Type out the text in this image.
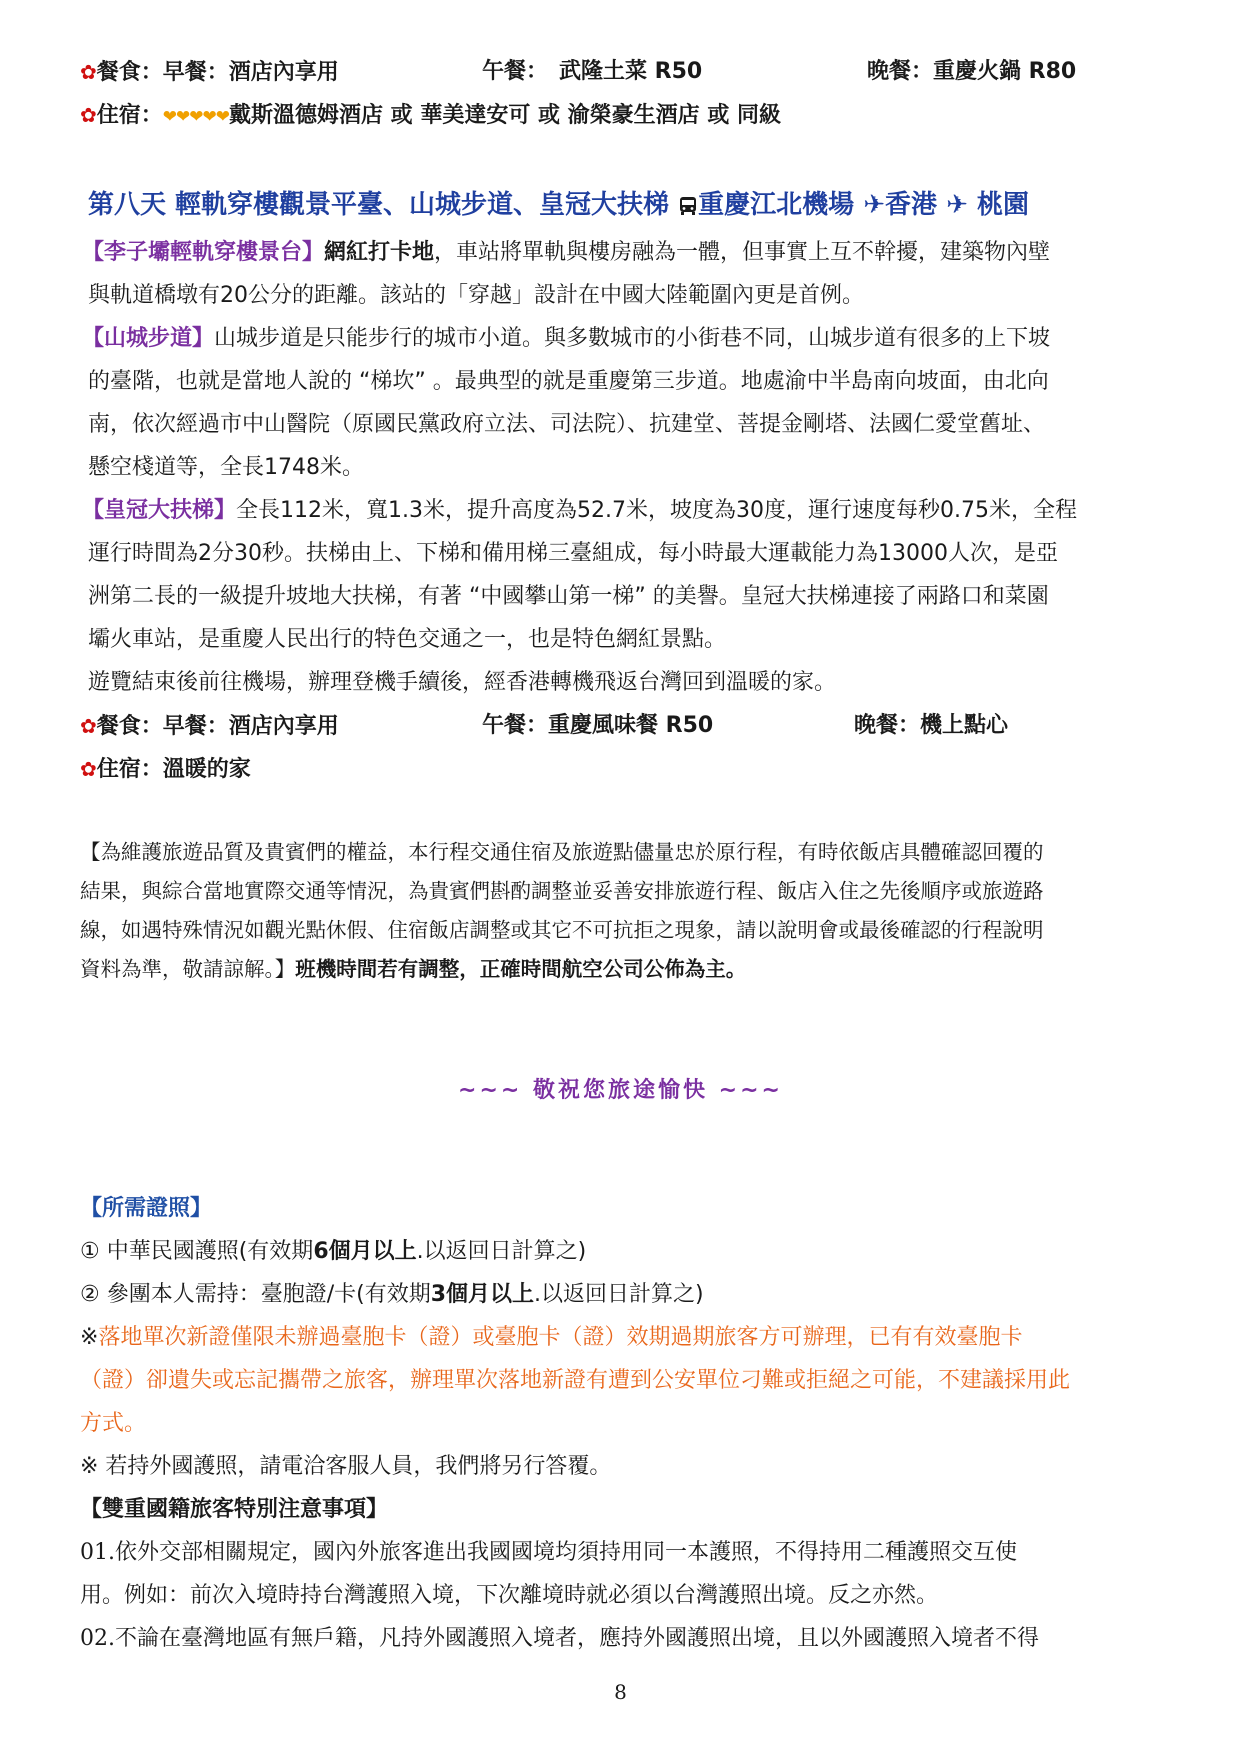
✿餐食：早餐：酒店內享用	午餐：　武隆土菜 R50	晚餐：重慶火鍋 R80
✿住宿：❤❤❤❤❤戴斯溫德姆酒店 或 華美達安可 或 渝榮豪生酒店 或 同級
第八天 輕軌穿樓觀景平臺、山城步道、皇冠大扶梯 重慶江北機場 ✈香港 ✈ 桃園
【李子壩輕軌穿樓景台】網紅打卡地，車站將單軌與樓房融為一體，但事實上互不幹擾，建築物內壁
與軌道橋墩有20公分的距離。該站的「穿越」設計在中國大陸範圍內更是首例。
【山城步道】山城步道是只能步行的城市小道。與多數城市的小街巷不同，山城步道有很多的上下坡
的臺階，也就是當地人說的 “梯坎” 。最典型的就是重慶第三步道。地處渝中半島南向坡面，由北向
南，依次經過市中山醫院（原國民黨政府立法、司法院）、抗建堂、菩提金剛塔、法國仁愛堂舊址、
懸空棧道等，全長1748米。
【皇冠大扶梯】全長112米，寬1.3米，提升高度為52.7米，坡度為30度，運行速度每秒0.75米，全程
運行時間為2分30秒。扶梯由上、下梯和備用梯三臺組成，每小時最大運載能力為13000人次，是亞
洲第二長的一級提升坡地大扶梯，有著 “中國攀山第一梯” 的美譽。皇冠大扶梯連接了兩路口和菜園
壩火車站，是重慶人民出行的特色交通之一，也是特色網紅景點。
遊覽結束後前往機場，辦理登機手續後，經香港轉機飛返台灣回到溫暖的家。
✿餐食：早餐：酒店內享用	午餐：重慶風味餐 R50	晚餐：機上點心
✿住宿：溫暖的家
【為維護旅遊品質及貴賓們的權益，本行程交通住宿及旅遊點儘量忠於原行程，有時依飯店具體確認回覆的
結果，與綜合當地實際交通等情況，為貴賓們斟酌調整並妥善安排旅遊行程、飯店入住之先後順序或旅遊路
線，如遇特殊情況如觀光點休假、住宿飯店調整或其它不可抗拒之現象，請以說明會或最後確認的行程說明
資料為準，敬請諒解。】班機時間若有調整，正確時間航空公司公佈為主。
~~~ 敬祝您旅途愉快 ~~~
【所需證照】
① 中華民國護照(有效期6個月以上.以返回日計算之)
② 參團本人需持：臺胞證/卡(有效期3個月以上.以返回日計算之)
※落地單次新證僅限未辦過臺胞卡（證）或臺胞卡（證）效期過期旅客方可辦理，已有有效臺胞卡
（證）卻遺失或忘記攜帶之旅客，辦理單次落地新證有遭到公安單位刁難或拒絕之可能，不建議採用此
方式。
※ 若持外國護照，請電洽客服人員，我們將另行答覆。
【雙重國籍旅客特別注意事項】
01.依外交部相關規定，國內外旅客進出我國國境均須持用同一本護照，不得持用二種護照交互使
用。例如：前次入境時持台灣護照入境，下次離境時就必須以台灣護照出境。反之亦然。
02.不論在臺灣地區有無戶籍，凡持外國護照入境者，應持外國護照出境，且以外國護照入境者不得
8
